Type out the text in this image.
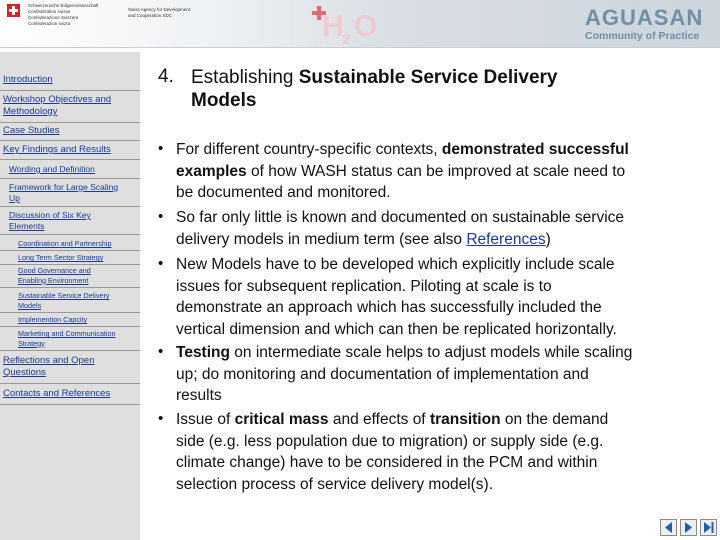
Schweizerische Eidgenossenschaft
Confédération suisse
Confederazione Svizzera
Confederaziun svizra
Swiss Agency for Development
and Cooperation SDC	H
2 O	AGUASAN
Community of Practice
Introduction
Workshop Objectives and
Methodology
Case Studies
Key Findings and Results
Wording and Definition
Framework for Large Scaling
Up
Discussion of Six Key
Elements
Coordination and Partnership
Long Term Sector Strategy
Good Governance and
Enabling Environment
Sustainable Service Delivery
Models
Implemention Capcity
Marketing and Communication
Strategy
Reflections and Open
Questions
Contacts and References
4. Establishing Sustainable Service Delivery
Models
• For different country-specific contexts, demonstrated successful
examples of how WASH status can be improved at scale need to
be documented and monitored.
• So far only little is known and documented on sustainable service
delivery models in medium term (see also References)
• New Models have to be developed which explicitly include scale
issues for subsequent replication. Piloting at scale is to
demonstrate an approach which has successfully included the
vertical dimension and which can then be replicated horizontally.
• Testing on intermediate scale helps to adjust models while scaling
up; do monitoring and documentation of implementation and
results
• Issue of critical mass and effects of transition on the demand
side (e.g. less population due to migration) or supply side (e.g.
climate change) have to be considered in the PCM and within
selection process of service delivery model(s).
